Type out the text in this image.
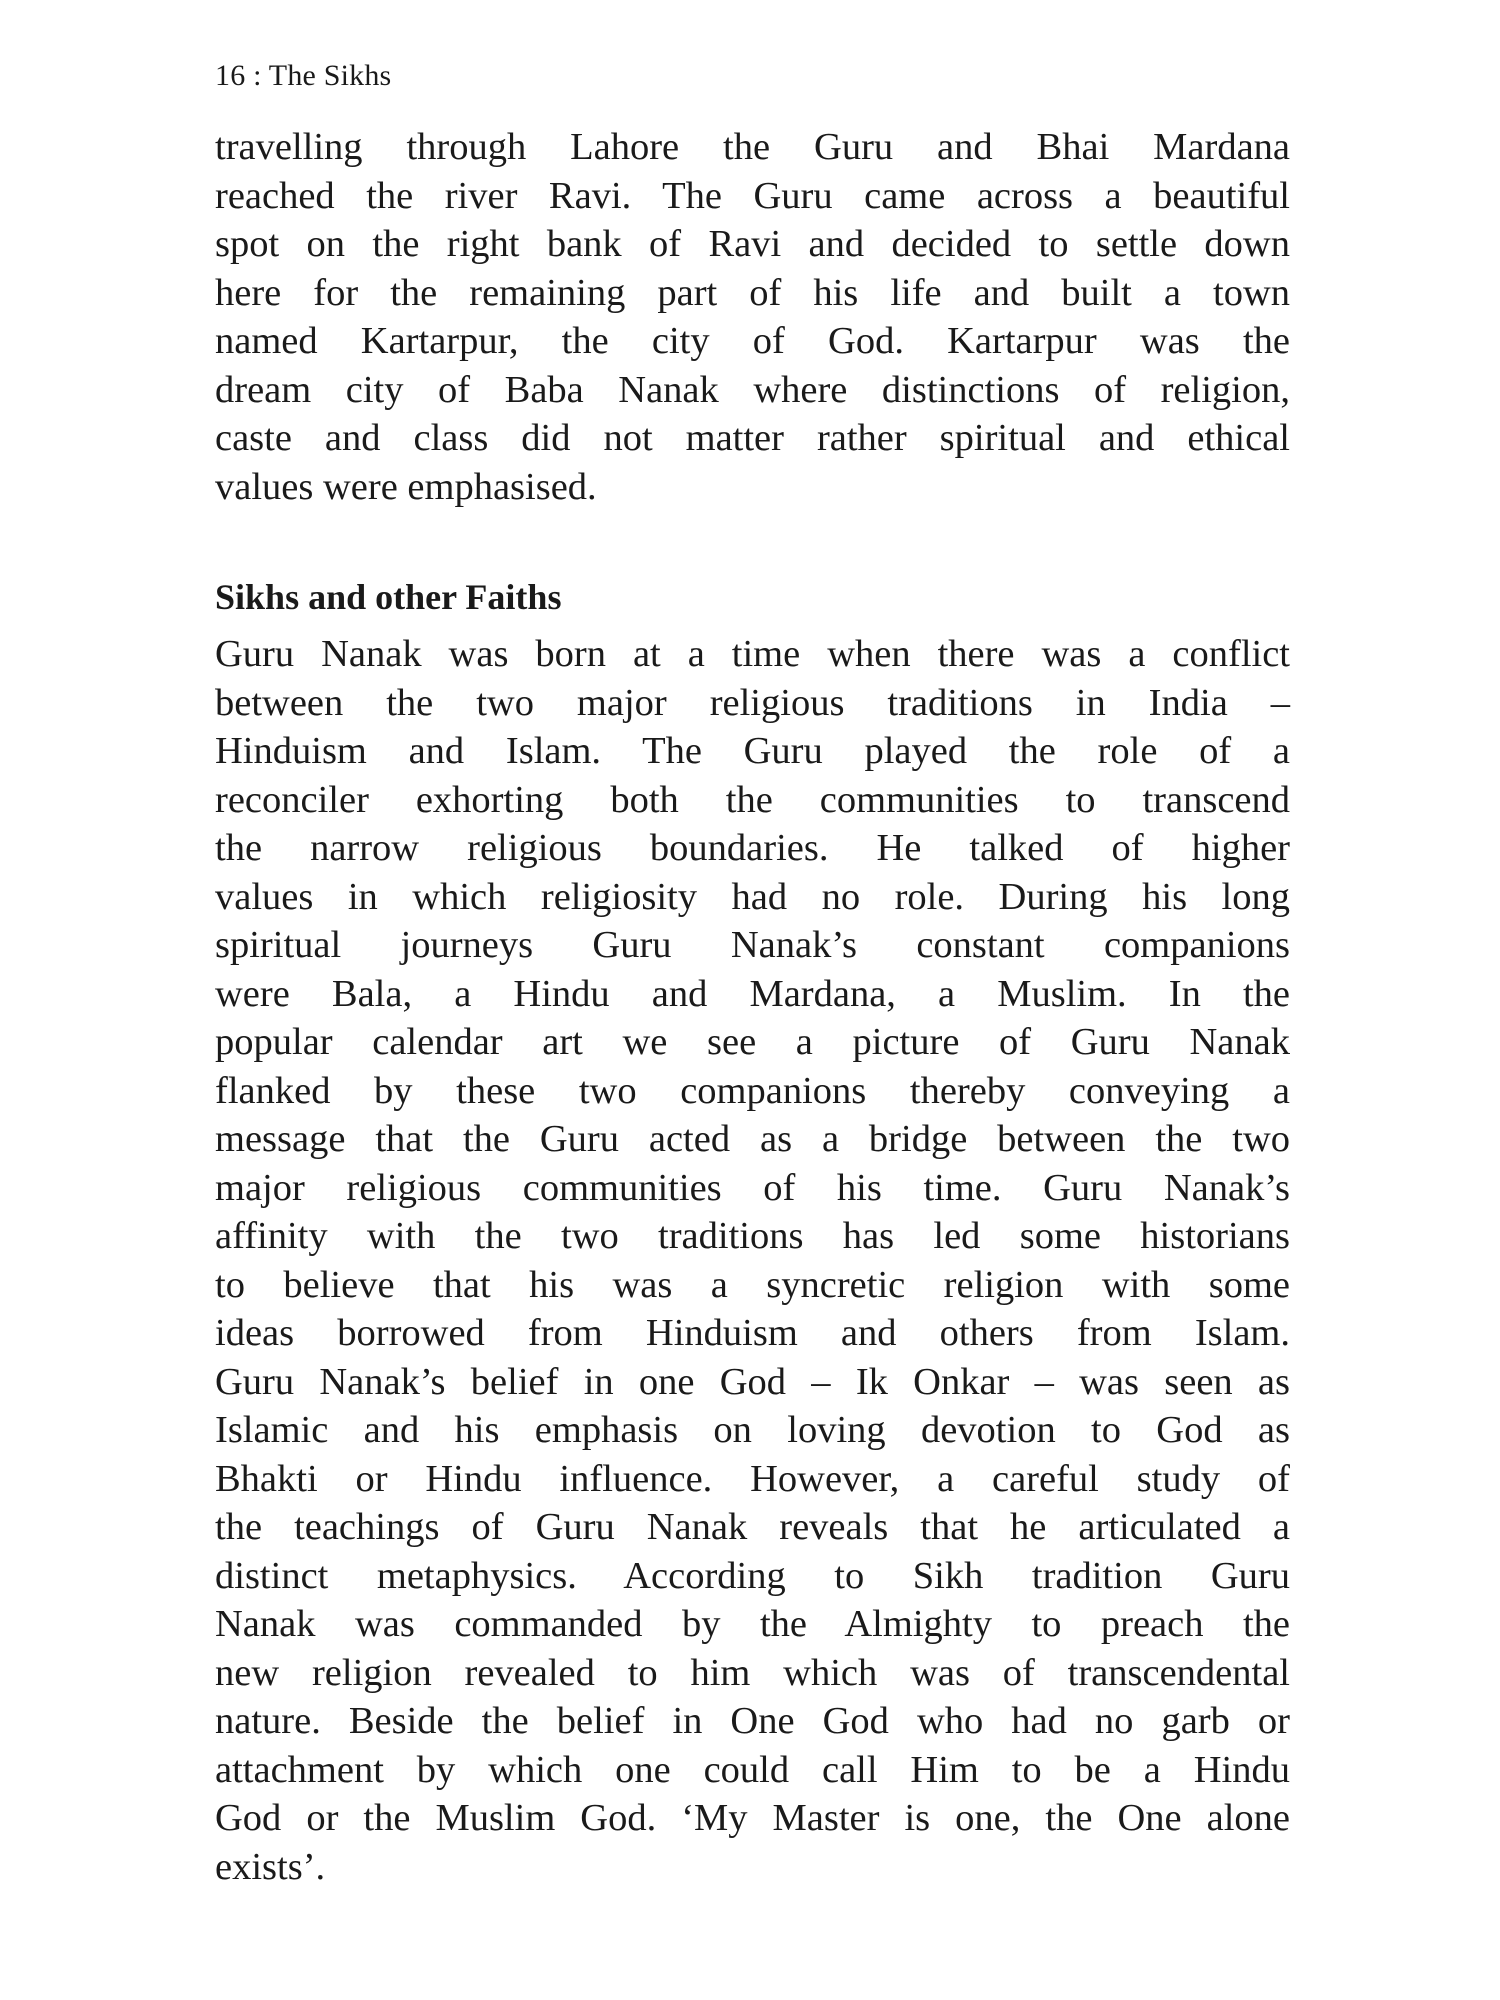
16 : The Sikhs
travelling through Lahore the Guru and Bhai Mardana
reached the river Ravi. The Guru came across a beautiful
spot on the right bank of Ravi and decided to settle down
here for the remaining part of his life and built a town
named Kartarpur, the city of God. Kartarpur was the
dream city of Baba Nanak where distinctions of religion,
caste and class did not matter rather spiritual and ethical
values were emphasised.
Sikhs and other Faiths
Guru Nanak was born at a time when there was a conflict
between the two major religious traditions in India –
Hinduism and Islam. The Guru played the role of a
reconciler exhorting both the communities to transcend
the narrow religious boundaries. He talked of higher
values in which religiosity had no role. During his long
spiritual journeys Guru Nanak’s constant companions
were Bala, a Hindu and Mardana, a Muslim. In the
popular calendar art we see a picture of Guru Nanak
flanked by these two companions thereby conveying a
message that the Guru acted as a bridge between the two
major religious communities of his time. Guru Nanak’s
affinity with the two traditions has led some historians
to believe that his was a syncretic religion with some
ideas borrowed from Hinduism and others from Islam.
Guru Nanak’s belief in one God – Ik Onkar – was seen as
Islamic and his emphasis on loving devotion to God as
Bhakti or Hindu influence. However, a careful study of
the teachings of Guru Nanak reveals that he articulated a
distinct metaphysics. According to Sikh tradition Guru
Nanak was commanded by the Almighty to preach the
new religion revealed to him which was of transcendental
nature. Beside the belief in One God who had no garb or
attachment by which one could call Him to be a Hindu
God or the Muslim God. ‘My Master is one, the One alone
exists’.
